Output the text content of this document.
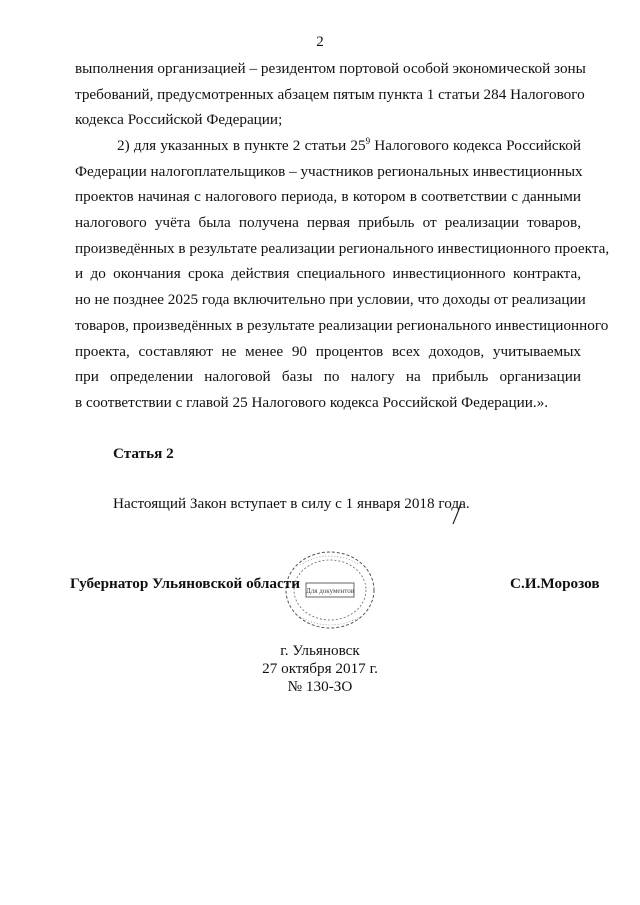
2
выполнения организацией – резидентом портовой особой экономической зоны
требований, предусмотренных абзацем пятым пункта 1 статьи 284 Налогового
кодекса Российской Федерации;
2) для указанных в пункте 2 статьи $25^9$ Налогового кодекса Российской
Федерации налогоплательщиков – участников региональных инвестиционных
проектов начиная с налогового периода, в котором в соответствии с данными
налогового учёта была получена первая прибыль от реализации товаров,
произведённых в результате реализации регионального инвестиционного проекта,
и до окончания срока действия специального инвестиционного контракта,
но не позднее 2025 года включительно при условии, что доходы от реализации
товаров, произведённых в результате реализации регионального инвестиционного
проекта, составляют не менее 90 процентов всех доходов, учитываемых
при определении налоговой базы по налогу на прибыль организации
в соответствии с главой 25 Налогового кодекса Российской Федерации.».
Статья 2
Настоящий Закон вступает в силу с 1 января 2018 года.
Для документов
Губернатор Ульяновской области	С.И.Морозов
г. Ульяновск
27 октября 2017 г.
№ 130-ЗО
